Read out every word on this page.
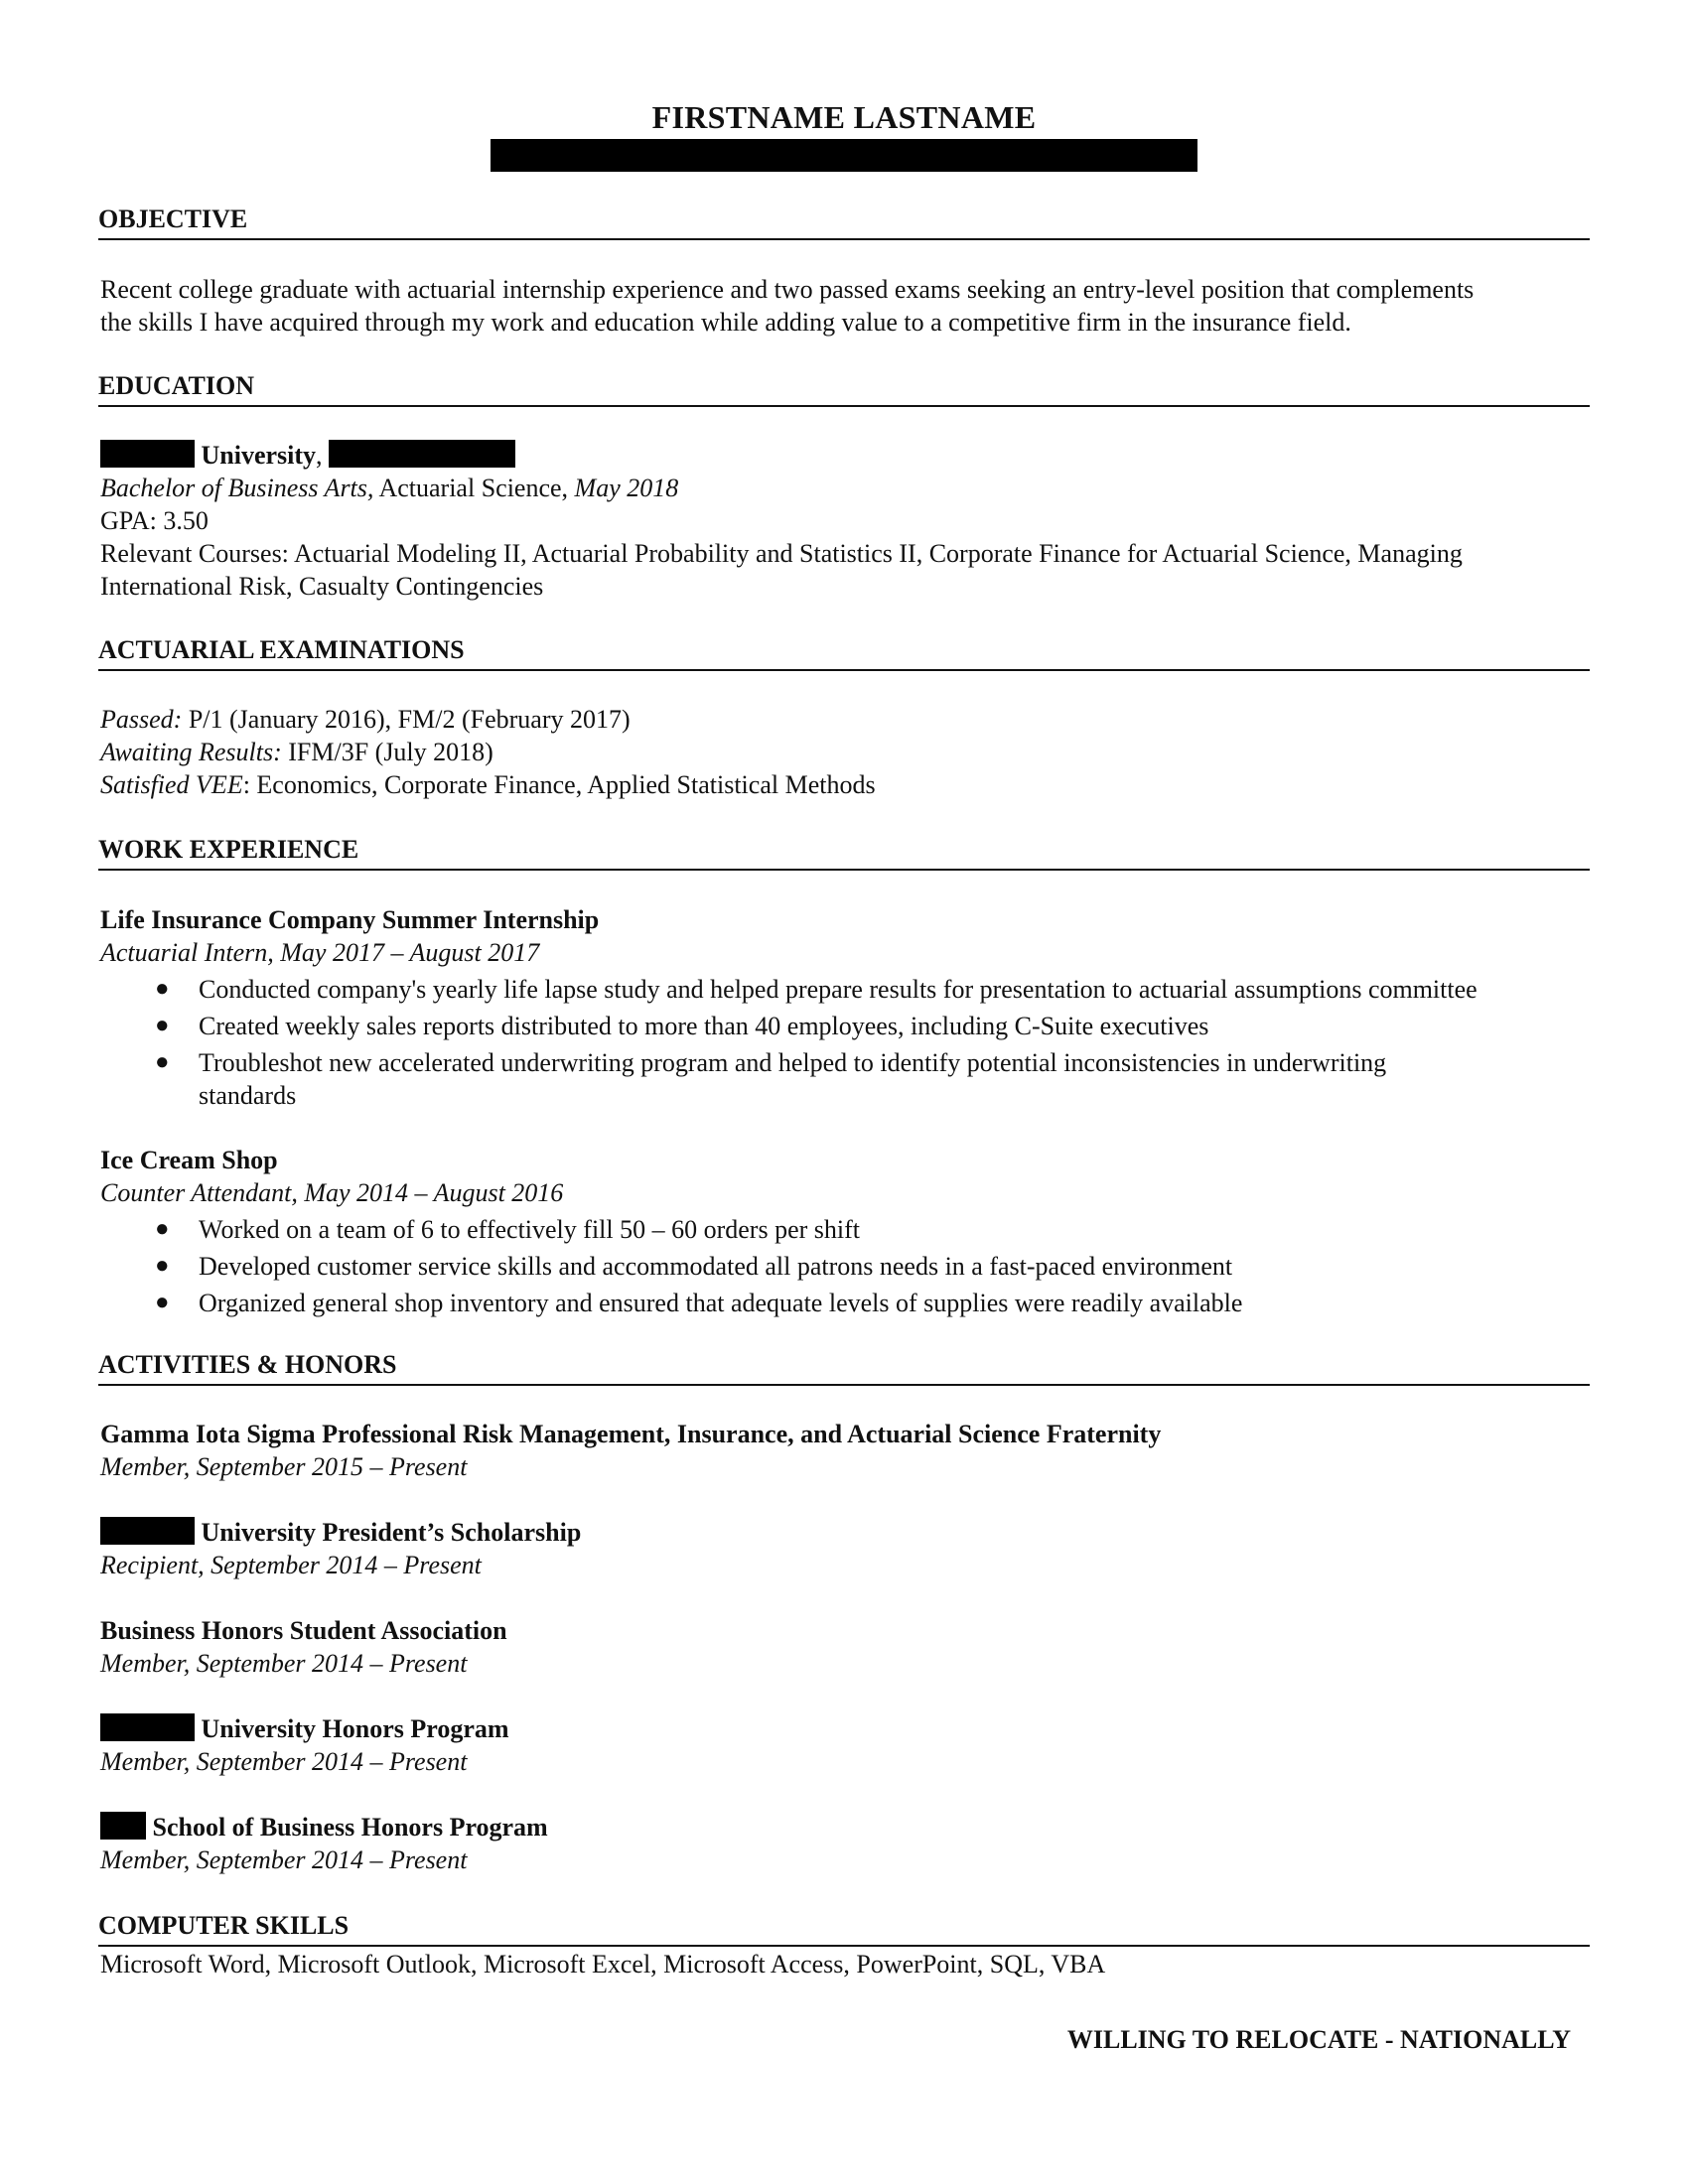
FIRSTNAME LASTNAME
OBJECTIVE
Recent college graduate with actuarial internship experience and two passed exams seeking an entry-level position that complements
the skills I have acquired through my work and education while adding value to a competitive firm in the insurance field.
EDUCATION
University,
Bachelor of Business Arts, Actuarial Science, May 2018
GPA: 3.50
Relevant Courses: Actuarial Modeling II, Actuarial Probability and Statistics II, Corporate Finance for Actuarial Science, Managing
International Risk, Casualty Contingencies
ACTUARIAL EXAMINATIONS
Passed: P/1 (January 2016), FM/2 (February 2017)
Awaiting Results: IFM/3F (July 2018)
Satisfied VEE: Economics, Corporate Finance, Applied Statistical Methods
WORK EXPERIENCE
Life Insurance Company Summer Internship
Actuarial Intern, May 2017 – August 2017
● Conducted company's yearly life lapse study and helped prepare results for presentation to actuarial assumptions committee
● Created weekly sales reports distributed to more than 40 employees, including C-Suite executives
● Troubleshot new accelerated underwriting program and helped to identify potential inconsistencies in underwriting
standards
Ice Cream Shop
Counter Attendant, May 2014 – August 2016
● Worked on a team of 6 to effectively fill 50 – 60 orders per shift
● Developed customer service skills and accommodated all patrons needs in a fast-paced environment
● Organized general shop inventory and ensured that adequate levels of supplies were readily available
ACTIVITIES & HONORS
Gamma Iota Sigma Professional Risk Management, Insurance, and Actuarial Science Fraternity
Member, September 2015 – Present
University President’s Scholarship
Recipient, September 2014 – Present
Business Honors Student Association
Member, September 2014 – Present
University Honors Program
Member, September 2014 – Present
School of Business Honors Program
Member, September 2014 – Present
COMPUTER SKILLS
Microsoft Word, Microsoft Outlook, Microsoft Excel, Microsoft Access, PowerPoint, SQL, VBA
WILLING TO RELOCATE - NATIONALLY
